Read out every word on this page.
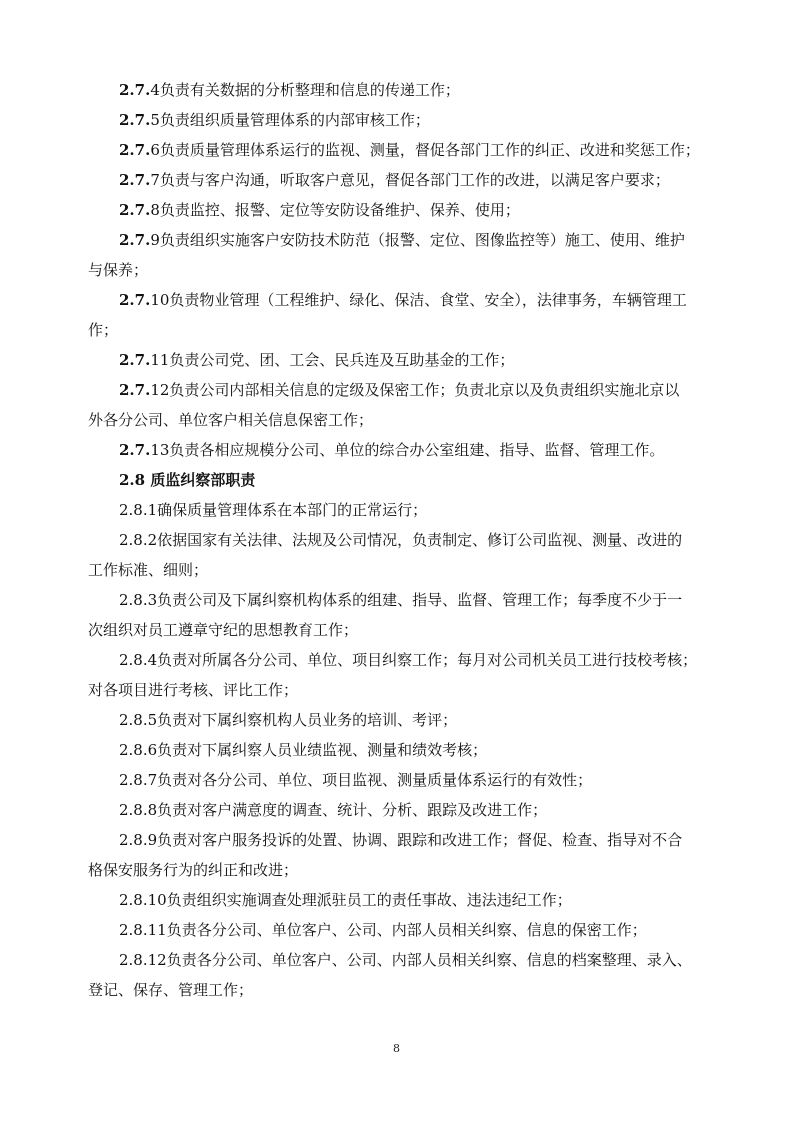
2.7.4负责有关数据的分析整理和信息的传递工作；
2.7.5负责组织质量管理体系的内部审核工作；
2.7.6负责质量管理体系运行的监视、测量，督促各部门工作的纠正、改进和奖惩工作；
2.7.7负责与客户沟通，听取客户意见，督促各部门工作的改进，以满足客户要求；
2.7.8负责监控、报警、定位等安防设备维护、保养、使用；
2.7.9负责组织实施客户安防技术防范（报警、定位、图像监控等）施工、使用、维护
与保养；
2.7.10负责物业管理（工程维护、绿化、保洁、食堂、安全），法律事务，车辆管理工
作；
2.7.11负责公司党、团、工会、民兵连及互助基金的工作；
2.7.12负责公司内部相关信息的定级及保密工作；负责北京以及负责组织实施北京以
外各分公司、单位客户相关信息保密工作；
2.7.13负责各相应规模分公司、单位的综合办公室组建、指导、监督、管理工作。
2.8 质监纠察部职责
2.8.1确保质量管理体系在本部门的正常运行；
2.8.2依据国家有关法律、法规及公司情况，负责制定、修订公司监视、测量、改进的
工作标准、细则；
2.8.3负责公司及下属纠察机构体系的组建、指导、监督、管理工作；每季度不少于一
次组织对员工遵章守纪的思想教育工作；
2.8.4负责对所属各分公司、单位、项目纠察工作；每月对公司机关员工进行技校考核；
对各项目进行考核、评比工作；
2.8.5负责对下属纠察机构人员业务的培训、考评；
2.8.6负责对下属纠察人员业绩监视、测量和绩效考核；
2.8.7负责对各分公司、单位、项目监视、测量质量体系运行的有效性；
2.8.8负责对客户满意度的调查、统计、分析、跟踪及改进工作；
2.8.9负责对客户服务投诉的处置、协调、跟踪和改进工作；督促、检查、指导对不合
格保安服务行为的纠正和改进；
2.8.10负责组织实施调查处理派驻员工的责任事故、违法违纪工作；
2.8.11负责各分公司、单位客户、公司、内部人员相关纠察、信息的保密工作；
2.8.12负责各分公司、单位客户、公司、内部人员相关纠察、信息的档案整理、录入、
登记、保存、管理工作；
8
